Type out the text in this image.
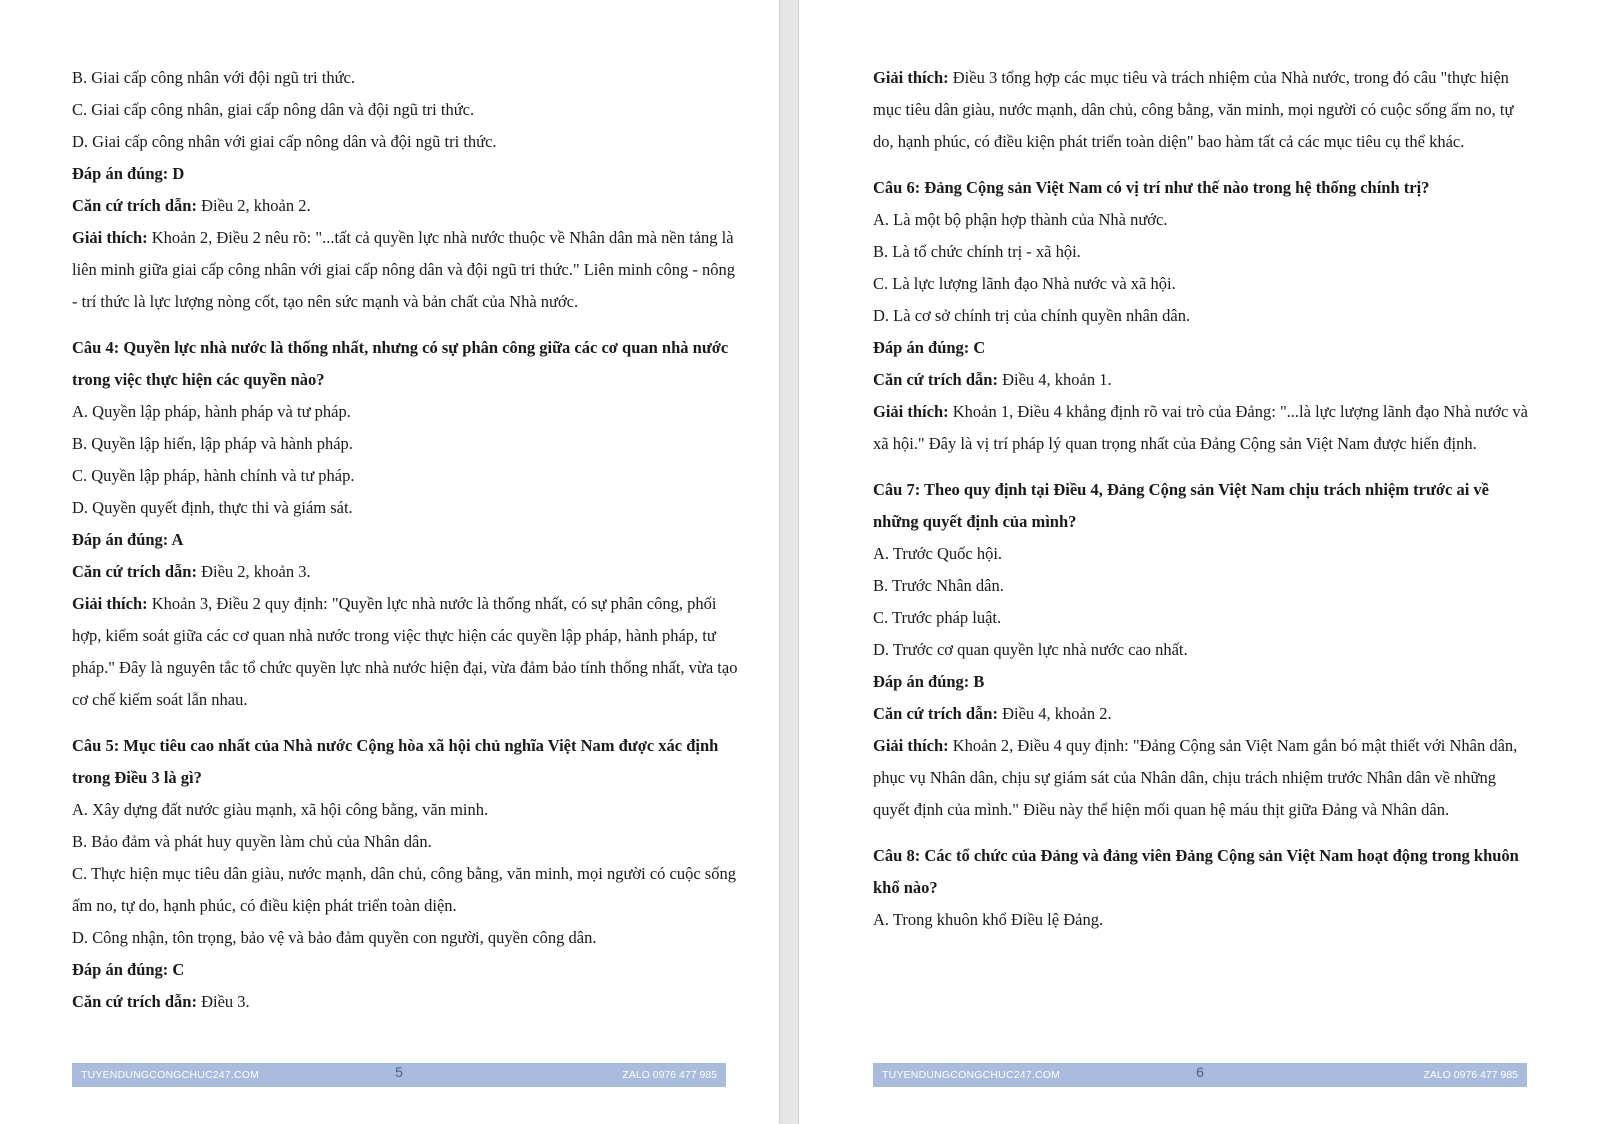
B. Giai cấp công nhân với đội ngũ tri thức.

C. Giai cấp công nhân, giai cấp nông dân và đội ngũ tri thức.

D. Giai cấp công nhân với giai cấp nông dân và đội ngũ tri thức.

Đáp án đúng: D

Căn cứ trích dẫn: Điều 2, khoản 2.

Giải thích: Khoản 2, Điều 2 nêu rõ: "...tất cả quyền lực nhà nước thuộc về Nhân dân mà nền tảng là liên minh giữa giai cấp công nhân với giai cấp nông dân và đội ngũ tri thức." Liên minh công - nông - trí thức là lực lượng nòng cốt, tạo nên sức mạnh và bản chất của Nhà nước.

Câu 4: Quyền lực nhà nước là thống nhất, nhưng có sự phân công giữa các cơ quan nhà nước trong việc thực hiện các quyền nào?

A. Quyền lập pháp, hành pháp và tư pháp.

B. Quyền lập hiến, lập pháp và hành pháp.

C. Quyền lập pháp, hành chính và tư pháp.

D. Quyền quyết định, thực thi và giám sát.

Đáp án đúng: A

Căn cứ trích dẫn: Điều 2, khoản 3.

Giải thích: Khoản 3, Điều 2 quy định: "Quyền lực nhà nước là thống nhất, có sự phân công, phối hợp, kiểm soát giữa các cơ quan nhà nước trong việc thực hiện các quyền lập pháp, hành pháp, tư pháp." Đây là nguyên tắc tổ chức quyền lực nhà nước hiện đại, vừa đảm bảo tính thống nhất, vừa tạo cơ chế kiểm soát lẫn nhau.

Câu 5: Mục tiêu cao nhất của Nhà nước Cộng hòa xã hội chủ nghĩa Việt Nam được xác định trong Điều 3 là gì?

A. Xây dựng đất nước giàu mạnh, xã hội công bằng, văn minh.

B. Bảo đảm và phát huy quyền làm chủ của Nhân dân.

C. Thực hiện mục tiêu dân giàu, nước mạnh, dân chủ, công bằng, văn minh, mọi người có cuộc sống ấm no, tự do, hạnh phúc, có điều kiện phát triển toàn diện.

D. Công nhận, tôn trọng, bảo vệ và bảo đảm quyền con người, quyền công dân.

Đáp án đúng: C

Căn cứ trích dẫn: Điều 3.

TUYENDUNGCONGCHUC247.COM	5	ZALO 0976 477 985

Giải thích: Điều 3 tổng hợp các mục tiêu và trách nhiệm của Nhà nước, trong đó câu "thực hiện mục tiêu dân giàu, nước mạnh, dân chủ, công bằng, văn minh, mọi người có cuộc sống ấm no, tự do, hạnh phúc, có điều kiện phát triển toàn diện" bao hàm tất cả các mục tiêu cụ thể khác.

Câu 6: Đảng Cộng sản Việt Nam có vị trí như thế nào trong hệ thống chính trị?

A. Là một bộ phận hợp thành của Nhà nước.

B. Là tổ chức chính trị - xã hội.

C. Là lực lượng lãnh đạo Nhà nước và xã hội.

D. Là cơ sở chính trị của chính quyền nhân dân.

Đáp án đúng: C

Căn cứ trích dẫn: Điều 4, khoản 1.

Giải thích: Khoản 1, Điều 4 khẳng định rõ vai trò của Đảng: "...là lực lượng lãnh đạo Nhà nước và xã hội." Đây là vị trí pháp lý quan trọng nhất của Đảng Cộng sản Việt Nam được hiến định.

Câu 7: Theo quy định tại Điều 4, Đảng Cộng sản Việt Nam chịu trách nhiệm trước ai về những quyết định của mình?

A. Trước Quốc hội.

B. Trước Nhân dân.

C. Trước pháp luật.

D. Trước cơ quan quyền lực nhà nước cao nhất.

Đáp án đúng: B

Căn cứ trích dẫn: Điều 4, khoản 2.

Giải thích: Khoản 2, Điều 4 quy định: "Đảng Cộng sản Việt Nam gắn bó mật thiết với Nhân dân, phục vụ Nhân dân, chịu sự giám sát của Nhân dân, chịu trách nhiệm trước Nhân dân về những quyết định của mình." Điều này thể hiện mối quan hệ máu thịt giữa Đảng và Nhân dân.

Câu 8: Các tổ chức của Đảng và đảng viên Đảng Cộng sản Việt Nam hoạt động trong khuôn khổ nào?

A. Trong khuôn khổ Điều lệ Đảng.

TUYENDUNGCONGCHUC247.COM	6	ZALO 0976 477 985
